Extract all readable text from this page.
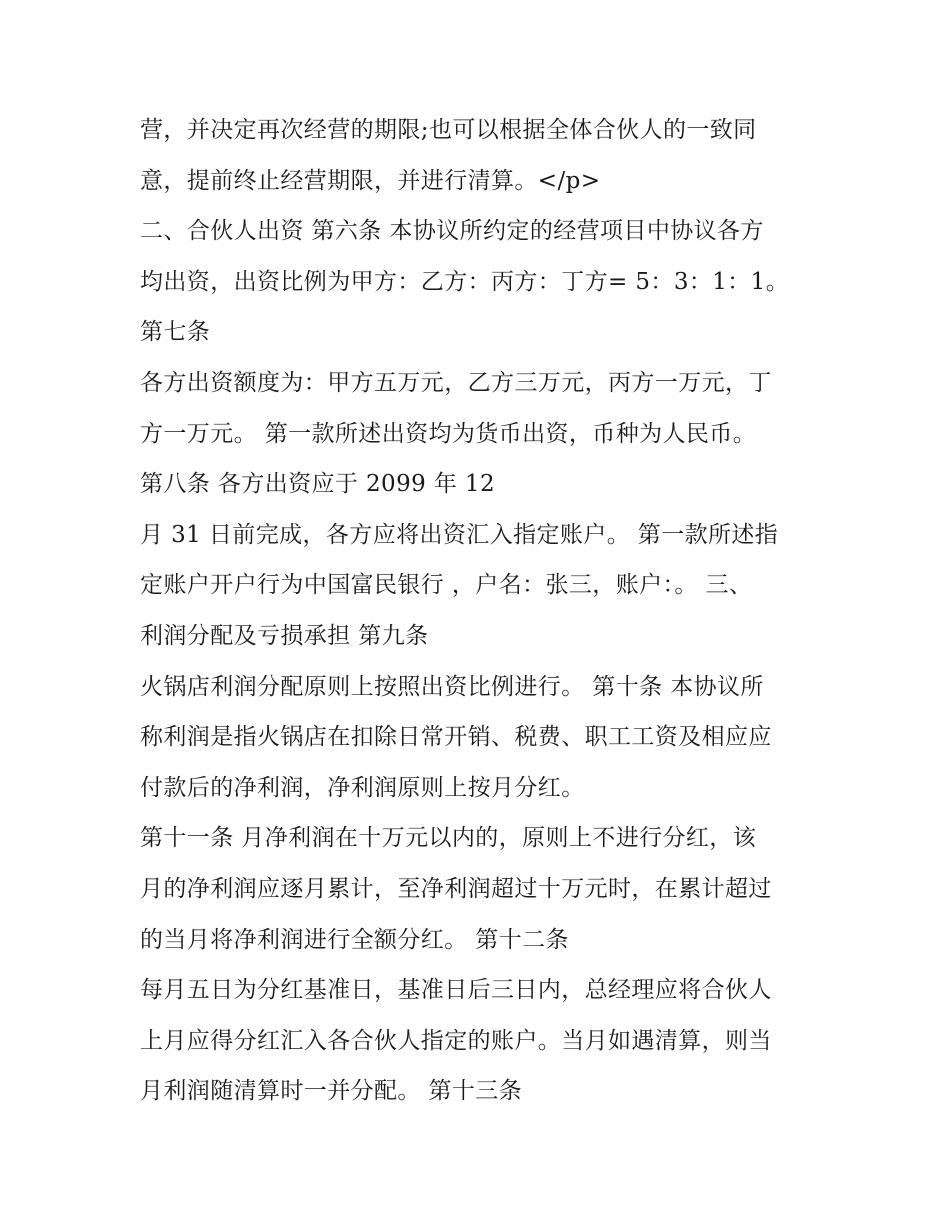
营，并决定再次经营的期限;也可以根据全体合伙人的一致同
意，提前终止经营期限，并进行清算。</p>
二、合伙人出资 第六条 本协议所约定的经营项目中协议各方
均出资，出资比例为甲方：乙方：丙方：丁方= 5：3：1：1。
第七条
各方出资额度为：甲方五万元，乙方三万元，丙方一万元，丁
方一万元。 第一款所述出资均为货币出资，币种为人民币。
第八条 各方出资应于 2099 年 12
月 31 日前完成，各方应将出资汇入指定账户。 第一款所述指
定账户开户行为中国富民银行 ，户名：张三，账户：。 三、
利润分配及亏损承担 第九条
火锅店利润分配原则上按照出资比例进行。 第十条 本协议所
称利润是指火锅店在扣除日常开销、税费、职工工资及相应应
付款后的净利润，净利润原则上按月分红。
第十一条 月净利润在十万元以内的，原则上不进行分红，该
月的净利润应逐月累计，至净利润超过十万元时，在累计超过
的当月将净利润进行全额分红。 第十二条
每月五日为分红基准日，基准日后三日内，总经理应将合伙人
上月应得分红汇入各合伙人指定的账户。当月如遇清算，则当
月利润随清算时一并分配。 第十三条
